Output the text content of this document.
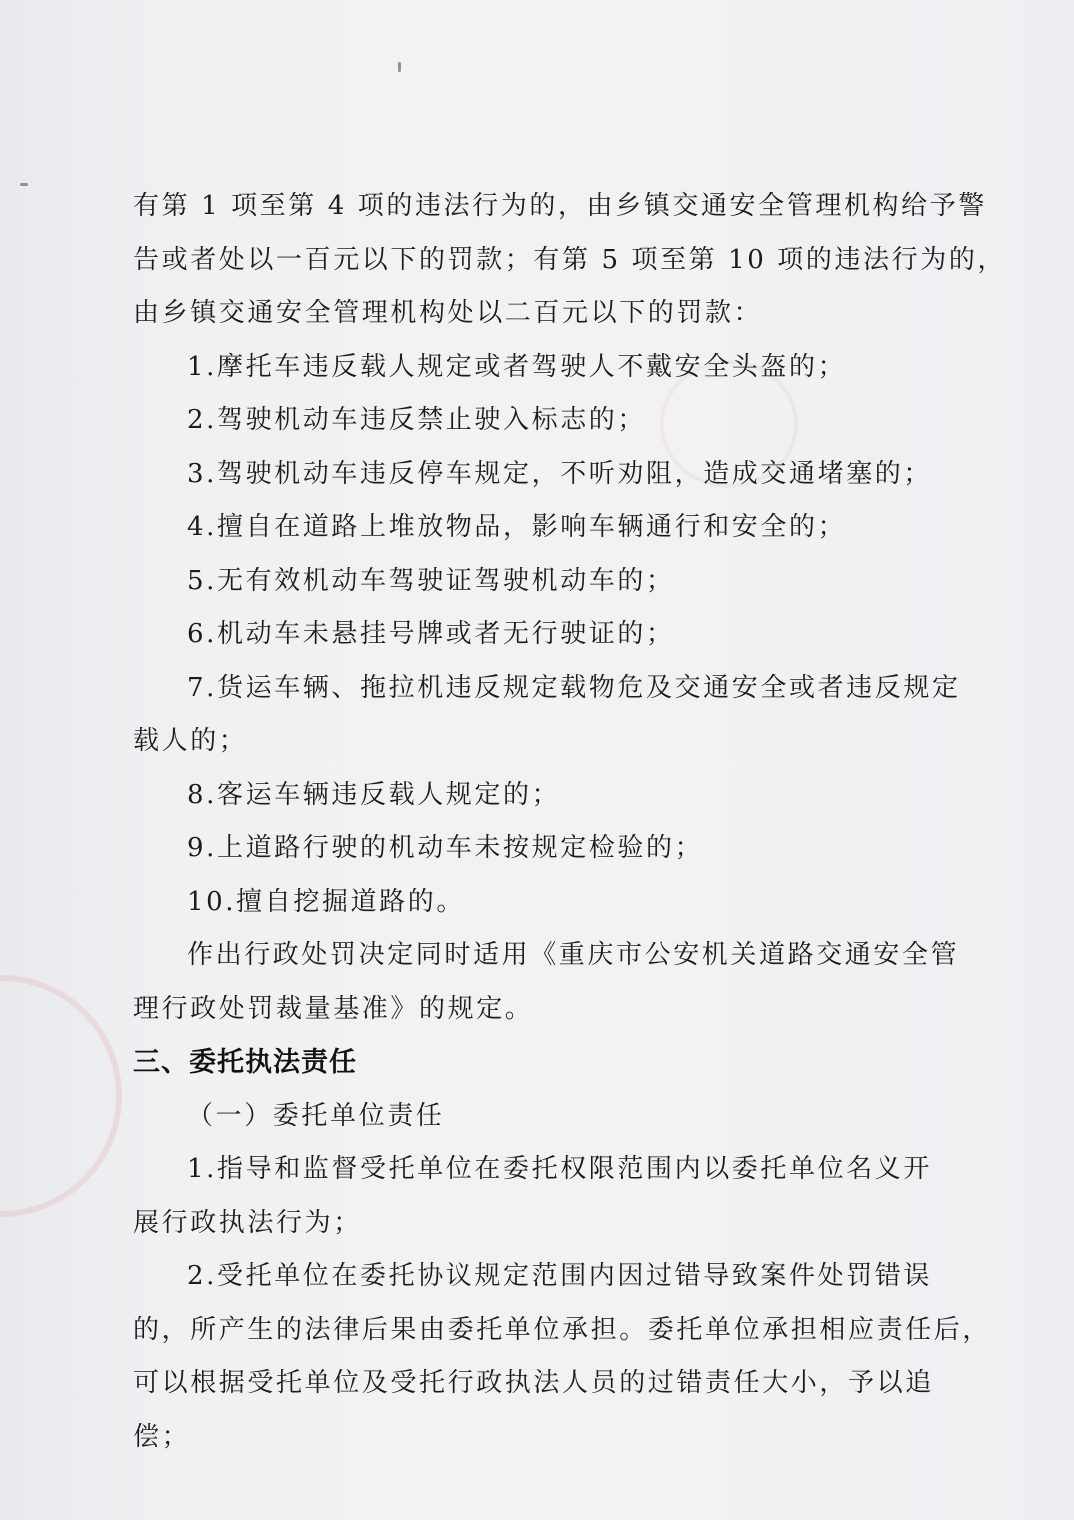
有第 1 项至第 4 项的违法行为的，由乡镇交通安全管理机构给予警
告或者处以一百元以下的罚款；有第 5 项至第 10 项的违法行为的，
由乡镇交通安全管理机构处以二百元以下的罚款：
1.摩托车违反载人规定或者驾驶人不戴安全头盔的；
2.驾驶机动车违反禁止驶入标志的；
3.驾驶机动车违反停车规定，不听劝阻，造成交通堵塞的；
4.擅自在道路上堆放物品，影响车辆通行和安全的；
5.无有效机动车驾驶证驾驶机动车的；
6.机动车未悬挂号牌或者无行驶证的；
7.货运车辆、拖拉机违反规定载物危及交通安全或者违反规定
载人的；
8.客运车辆违反载人规定的；
9.上道路行驶的机动车未按规定检验的；
10.擅自挖掘道路的。
作出行政处罚决定同时适用《重庆市公安机关道路交通安全管
理行政处罚裁量基准》的规定。
三、委托执法责任
（一）委托单位责任
1.指导和监督受托单位在委托权限范围内以委托单位名义开
展行政执法行为；
2.受托单位在委托协议规定范围内因过错导致案件处罚错误
的，所产生的法律后果由委托单位承担。委托单位承担相应责任后，
可以根据受托单位及受托行政执法人员的过错责任大小，予以追
偿；
